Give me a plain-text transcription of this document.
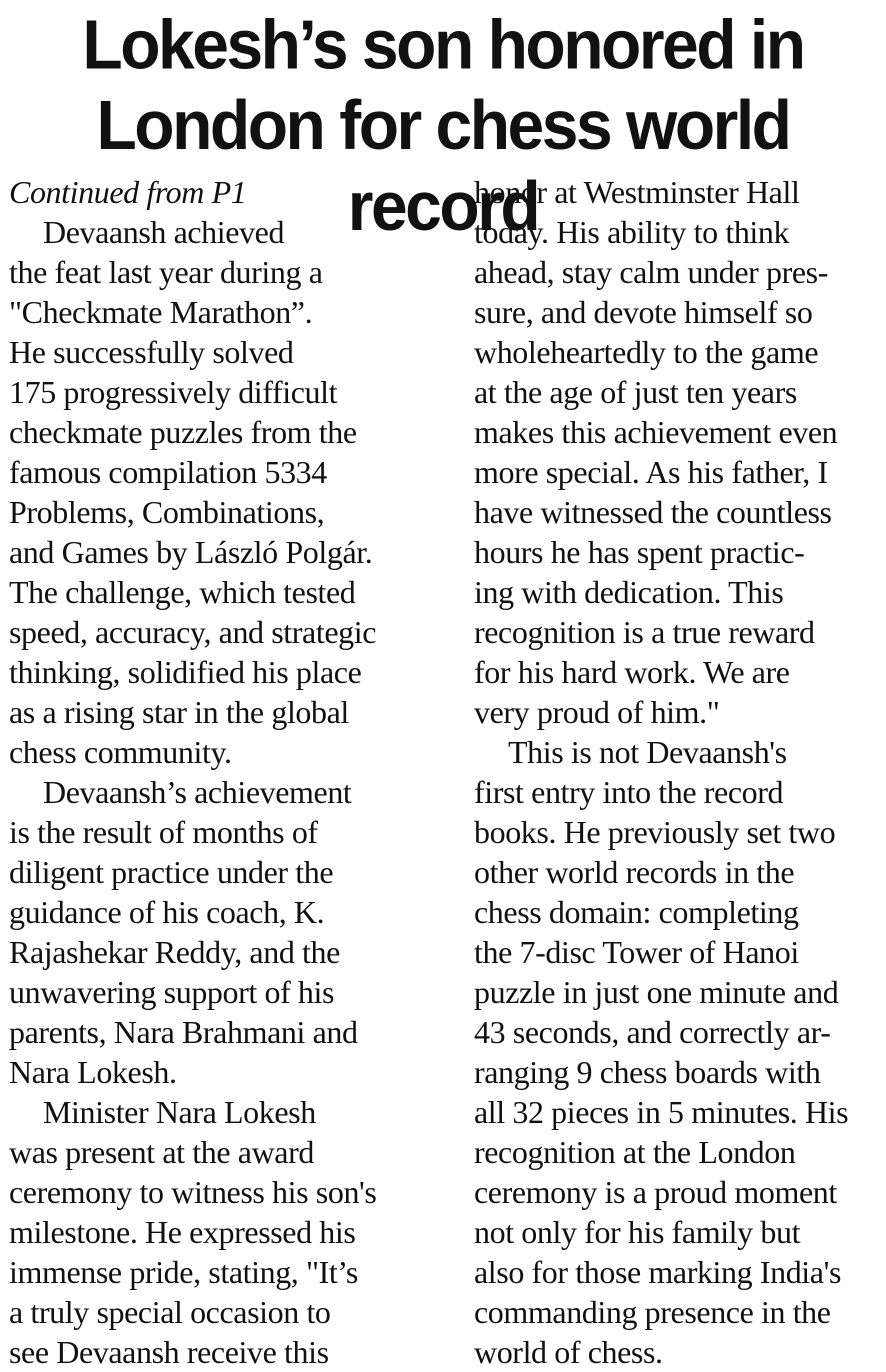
Lokesh’s son honored in
London for chess world record
Continued from P1
Devaansh achieved
the feat last year during a
"Checkmate Marathon”.
He successfully solved
175 progressively difficult
checkmate puzzles from the
famous compilation 5334
Problems, Combinations,
and Games by László Polgár.
The challenge, which tested
speed, accuracy, and strategic
thinking, solidified his place
as a rising star in the global
chess community.
Devaansh’s achievement
is the result of months of
diligent practice under the
guidance of his coach, K.
Rajashekar Reddy, and the
unwavering support of his
parents, Nara Brahmani and
Nara Lokesh.
Minister Nara Lokesh
was present at the award
ceremony to witness his son's
milestone. He expressed his
immense pride, stating, "It’s
a truly special occasion to
see Devaansh receive this
honor at Westminster Hall
today. His ability to think
ahead, stay calm under pres-
sure, and devote himself so
wholeheartedly to the game
at the age of just ten years
makes this achievement even
more special. As his father, I
have witnessed the countless
hours he has spent practic-
ing with dedication. This
recognition is a true reward
for his hard work. We are
very proud of him."
This is not Devaansh's
first entry into the record
books. He previously set two
other world records in the
chess domain: completing
the 7-disc Tower of Hanoi
puzzle in just one minute and
43 seconds, and correctly ar-
ranging 9 chess boards with
all 32 pieces in 5 minutes. His
recognition at the London
ceremony is a proud moment
not only for his family but
also for those marking India's
commanding presence in the
world of chess.
